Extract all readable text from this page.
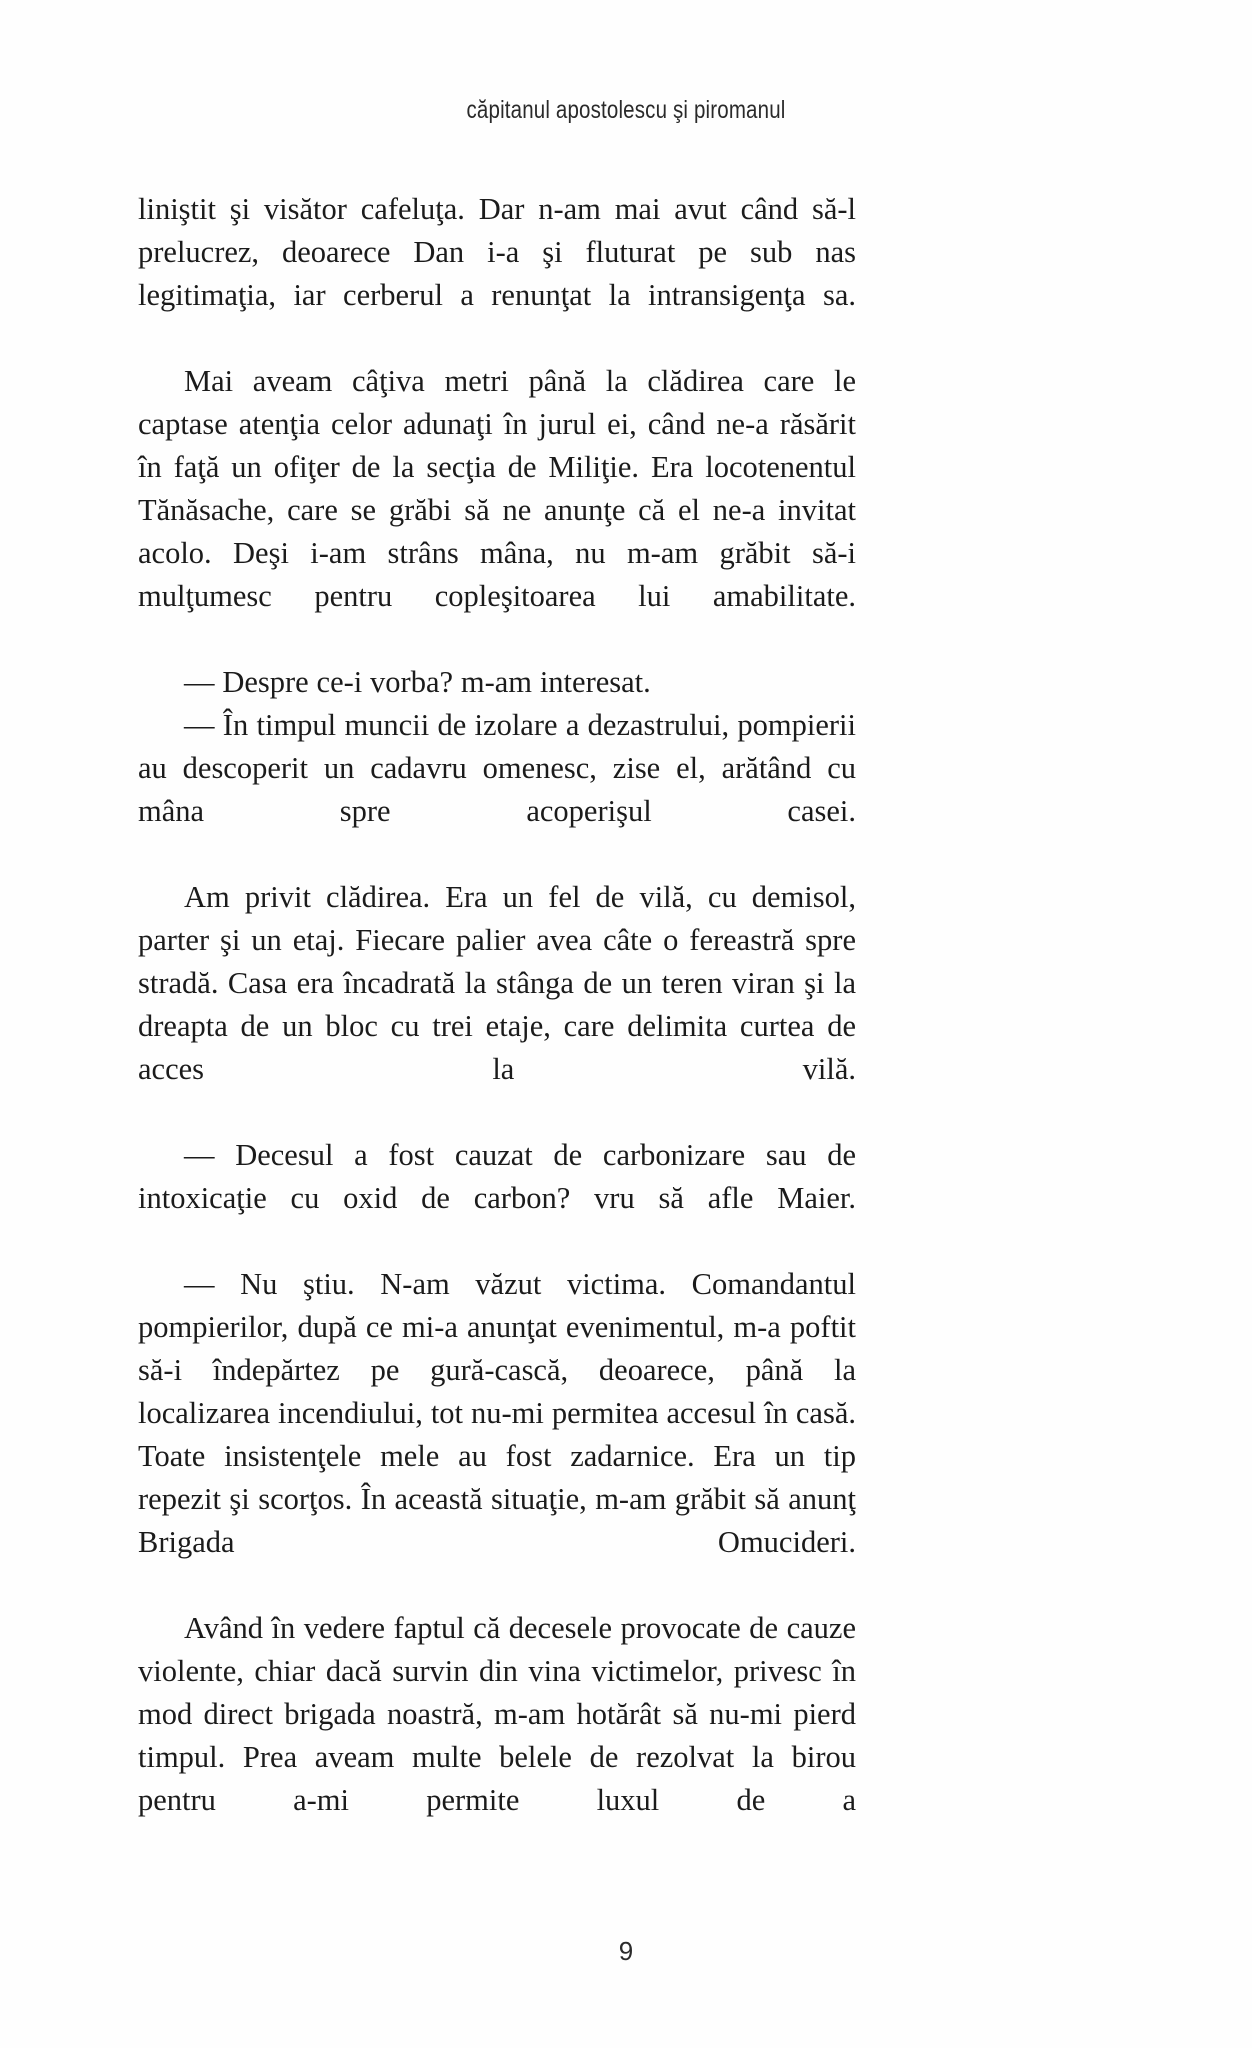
căpitanul apostolescu şi piromanul

liniştit şi visător cafeluţa. Dar n-am mai avut când să-l prelucrez, deoarece Dan i-a şi fluturat pe sub nas legitimaţia, iar cerberul a renunţat la intransigenţa sa.

Mai aveam câţiva metri până la clădirea care le captase atenţia celor adunaţi în jurul ei, când ne-a răsărit în faţă un ofiţer de la secţia de Miliţie. Era locotenentul Tănăsache, care se grăbi să ne anunţe că el ne-a invitat acolo. Deşi i-am strâns mâna, nu m-am grăbit să-i mulţumesc pentru copleşitoarea lui amabilitate.

— Despre ce-i vorba? m-am interesat.

— În timpul muncii de izolare a dezastrului, pompierii au descoperit un cadavru omenesc, zise el, arătând cu mâna spre acoperişul casei.

Am privit clădirea. Era un fel de vilă, cu demisol, parter şi un etaj. Fiecare palier avea câte o fereastră spre stradă. Casa era încadrată la stânga de un teren viran şi la dreapta de un bloc cu trei etaje, care delimita curtea de acces la vilă.

— Decesul a fost cauzat de carbonizare sau de intoxicaţie cu oxid de carbon? vru să afle Maier.

— Nu ştiu. N-am văzut victima. Comandantul pompierilor, după ce mi-a anunţat evenimentul, m-a poftit să-i îndepărtez pe gură-cască, deoarece, până la localizarea incendiului, tot nu-mi permitea accesul în casă. Toate insistenţele mele au fost zadarnice. Era un tip repezit şi scorţos. În această situaţie, m-am grăbit să anunţ Brigada Omucideri.

Având în vedere faptul că decesele provocate de cauze violente, chiar dacă survin din vina victimelor, privesc în mod direct brigada noastră, m-am hotărât să nu-mi pierd timpul. Prea aveam multe belele de rezolvat la birou pentru a-mi permite luxul de a

9
